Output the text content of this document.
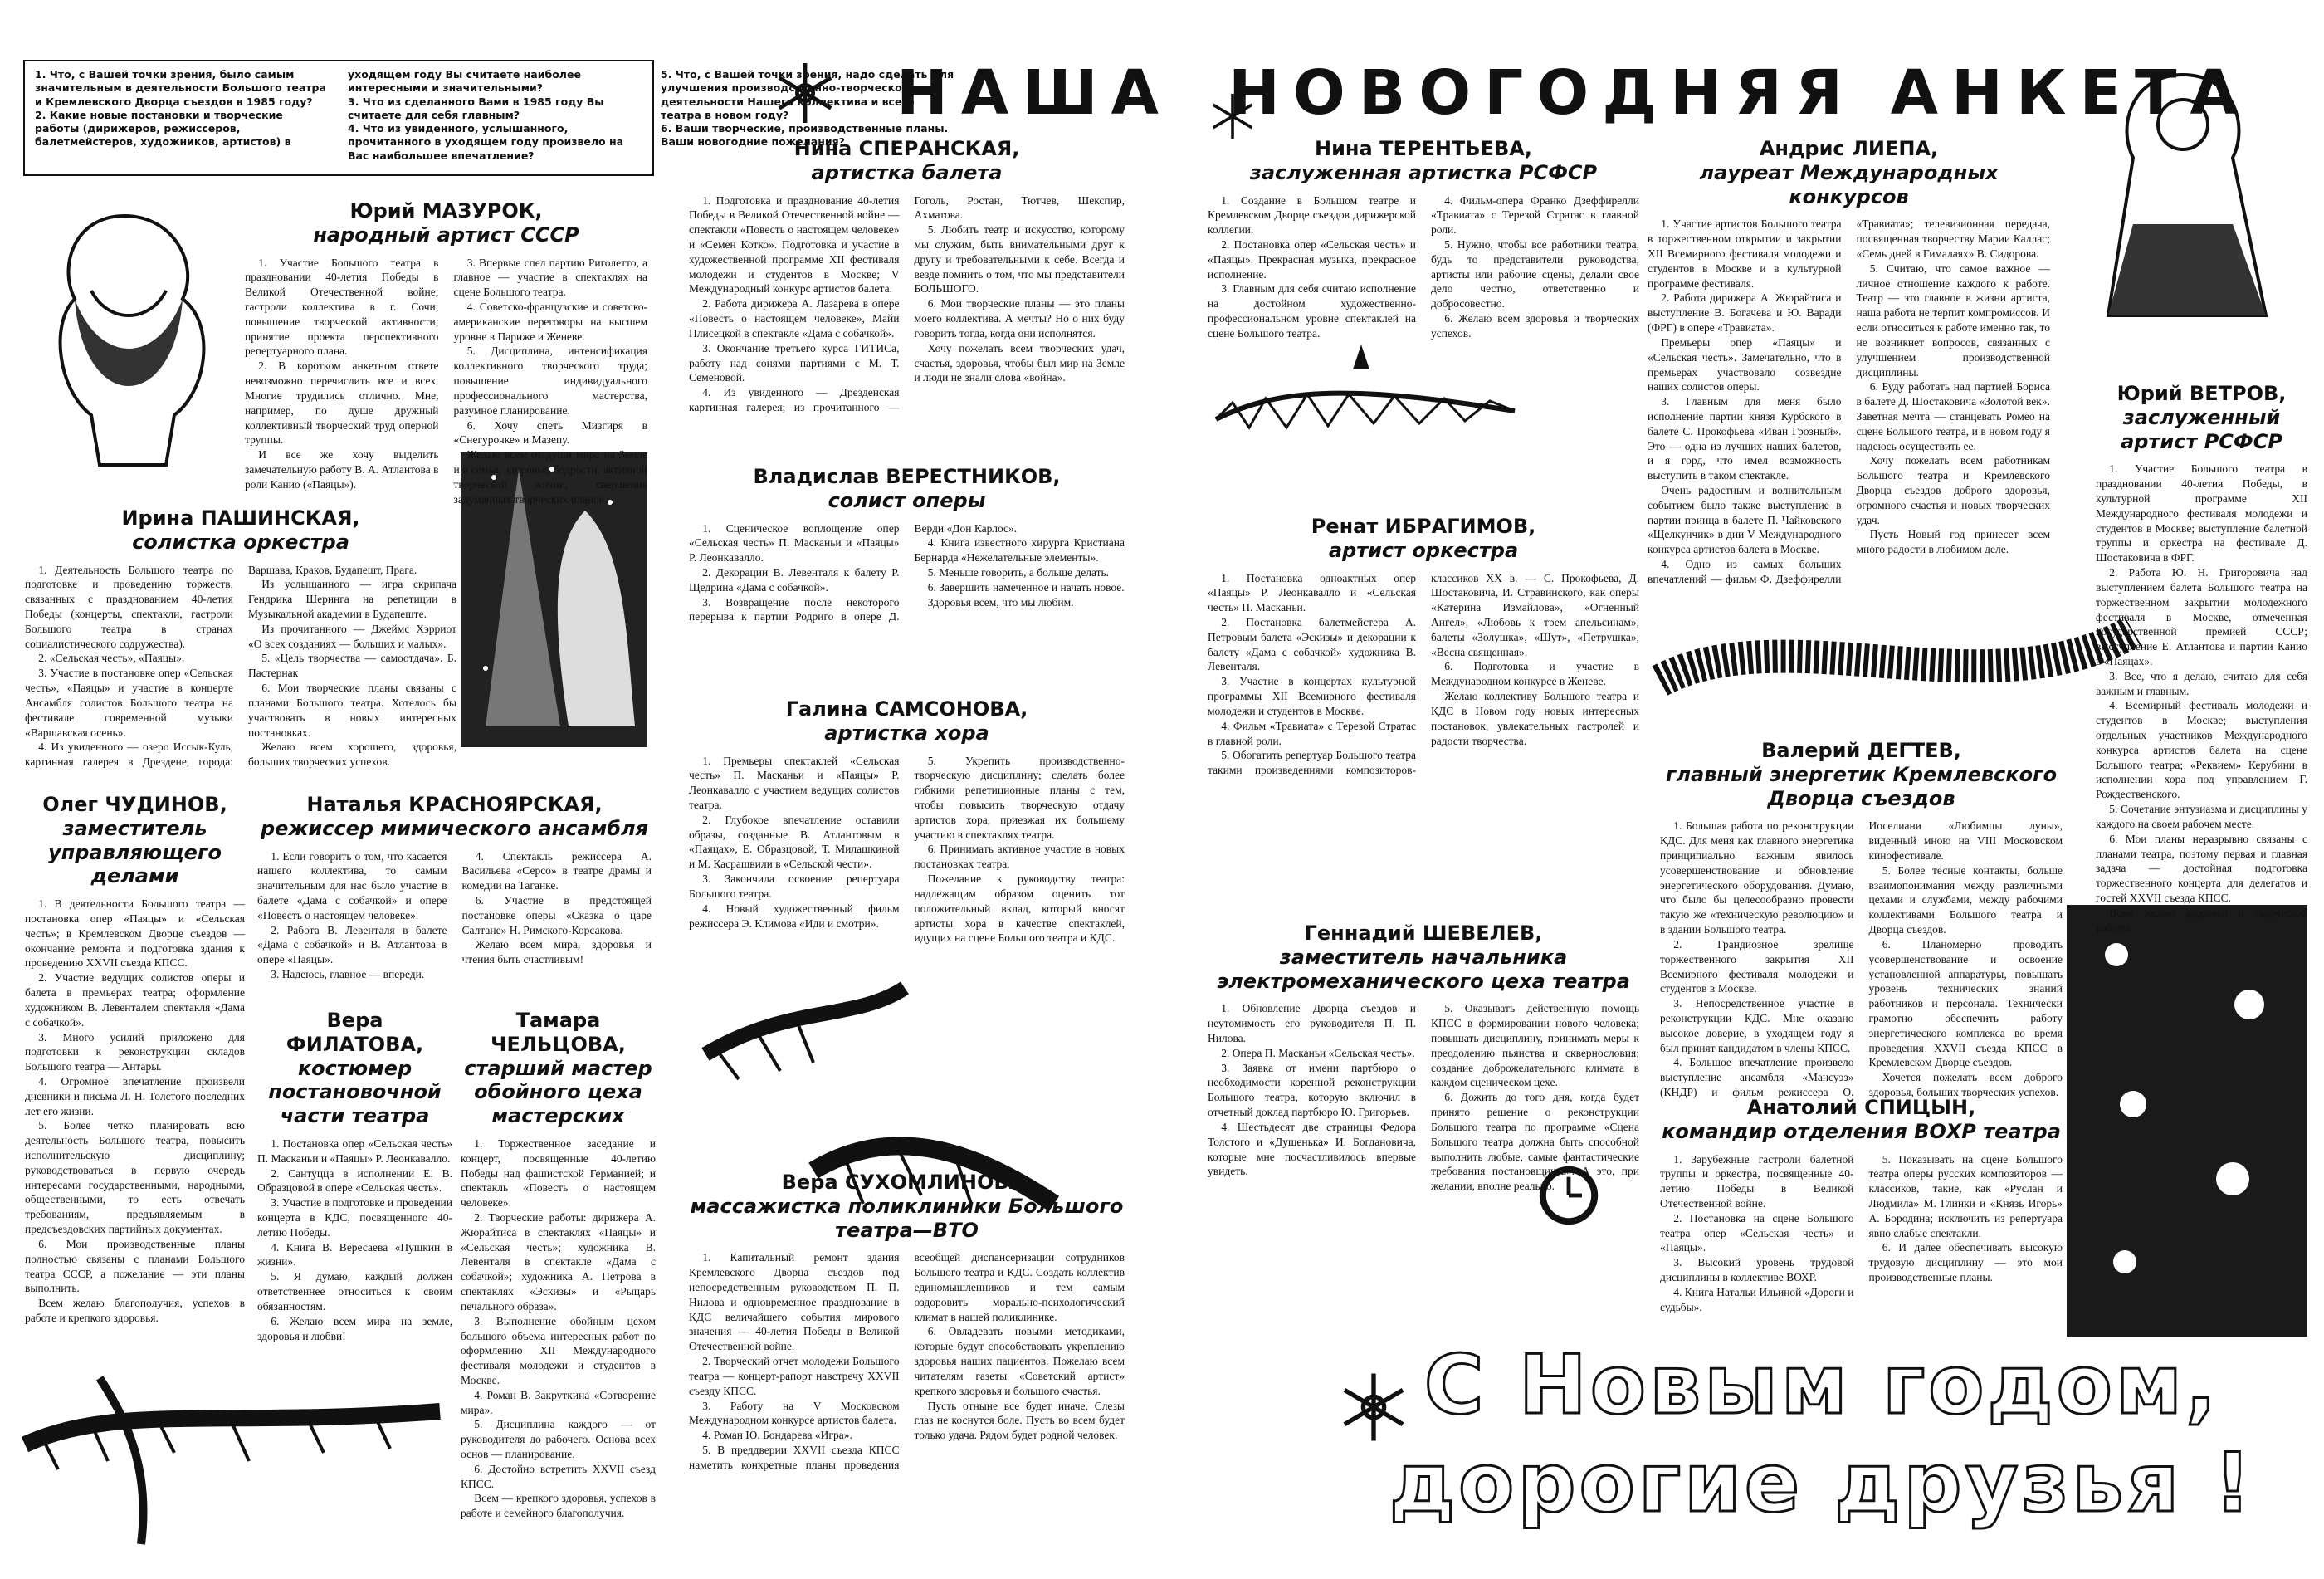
1. Что, с Вашей точки зрения, было самым значительным в деятельности Большого театра и Кремлевского Дворца съездов в 1985 году?

2. Какие новые постановки и творческие работы (дирижеров, режиссеров, балетмейстеров, художников, артистов) в уходящем году Вы считаете наиболее интересными и значительными?

3. Что из сделанного Вами в 1985 году Вы считаете для себя главным?

4. Что из увиденного, услышанного, прочитанного в уходящем году произвело на Вас наибольшее впечатление?

5. Что, с Вашей точки зрения, надо сделать для улучшения производственно-творческой деятельности Нашего коллектива и всего театра в новом году?

6. Ваши творческие, производственные планы. Ваши новогодние пожелания?

НАША НОВОГОДНЯЯ АНКЕТА
С Новым годом,
дорогие друзья !
Юрий МАЗУРОК,
народный артист СССР

1. Участие Большого театра в праздновании 40-летия Победы в Великой Отечественной войне; гастроли коллектива в г. Сочи; повышение творческой активности; принятие проекта перспективного репертуарного плана.

2. В коротком анкетном ответе невозможно перечислить все и всех. Многие трудились отлично. Мне, например, по душе дружный коллективный творческий труд оперной труппы.

И все же хочу выделить замечательную работу В. А. Атлантова в роли Канио («Паяцы»).

3. Впервые спел партию Риголетто, а главное — участие в спектаклях на сцене Большого театра.

4. Советско-французские и советско-американские переговоры на высшем уровне в Париже и Женеве.

5. Дисциплина, интенсификация коллективного творческого труда; повышение индивидуального профессионального мастерства, разумное планирование.

6. Хочу спеть Мизгиря в «Снегурочке» и Мазепу.

Желаю всем от души мира на Земле и в семье; здоровья, бодрости, активной творческой жизни, свершения задуманных творческих планов.

Ирина ПАШИНСКАЯ,
солистка оркестра

1. Деятельность Большого театра по подготовке и проведению торжеств, связанных с празднованием 40-летия Победы (концерты, спектакли, гастроли Большого театра в странах социалистического содружества).

2. «Сельская честь», «Паяцы».

3. Участие в постановке опер «Сельская честь», «Паяцы» и участие в концерте Ансамбля солистов Большого театра на фестивале современной музыки «Варшавская осень».

4. Из увиденного — озеро Иссык-Куль, картинная галерея в Дрездене, города: Варшава, Краков, Будапешт, Прага.

Из услышанного — игра скрипача Гендрика Шеринга на репетиции в Музыкальной академии в Будапеште.

Из прочитанного — Джеймс Хэрриот «О всех созданиях — больших и малых».

5. «Цель творчества — самоотдача». Б. Пастернак

6. Мои творческие планы связаны с планами Большого театра. Хотелось бы участвовать в новых интересных постановках.

Желаю всем хорошего, здоровья, больших творческих успехов.

Олег ЧУДИНОВ,
заместитель управляющего делами

1. В деятельности Большого театра — постановка опер «Паяцы» и «Сельская честь»; в Кремлевском Дворце съездов — окончание ремонта и подготовка здания к проведению XXVII съезда КПСС.

2. Участие ведущих солистов оперы и балета в премьерах театра; оформление художником В. Левенталем спектакля «Дама с собачкой».

3. Много усилий приложено для подготовки к реконструкции складов Большого театра — Антары.

4. Огромное впечатление произвели дневники и письма Л. Н. Толстого последних лет его жизни.

5. Более четко планировать всю деятельность Большого театра, повысить исполнительскую дисциплину; руководствоваться в первую очередь интересами государственными, народными, общественными, то есть отвечать требованиям, предъявляемым в предсъездовских партийных документах.

6. Мои производственные планы полностью связаны с планами Большого театра СССР, а пожелание — эти планы выполнить.

Всем желаю благополучия, успехов в работе и крепкого здоровья.

Наталья КРАСНОЯРСКАЯ,
режиссер мимического ансамбля

1. Если говорить о том, что касается нашего коллектива, то самым значительным для нас было участие в балете «Дама с собачкой» и опере «Повесть о настоящем человеке».

2. Работа В. Левенталя в балете «Дама с собачкой» и В. Атлантова в опере «Паяцы».

3. Надеюсь, главное — впереди.

4. Спектакль режиссера А. Васильева «Серсо» в театре драмы и комедии на Таганке.

6. Участие в предстоящей постановке оперы «Сказка о царе Салтане» Н. Римского-Корсакова.

Желаю всем мира, здоровья и чтения быть счастливым!

Вера ФИЛАТОВА,
костюмер постановочной части театра

1. Постановка опер «Сельская честь» П. Масканьи и «Паяцы» Р. Леонкавалло.

2. Сантуцца в исполнении Е. В. Образцовой в опере «Сельская честь».

3. Участие в подготовке и проведении концерта в КДС, посвященного 40-летию Победы.

4. Книга В. Вересаева «Пушкин в жизни».

5. Я думаю, каждый должен ответственнее относиться к своим обязанностям.

6. Желаю всем мира на земле, здоровья и любви!

Тамара ЧЕЛЬЦОВА,
старший мастер обойного цеха мастерских

1. Торжественное заседание и концерт, посвященные 40-летию Победы над фашистской Германией; и спектакль «Повесть о настоящем человеке».

2. Творческие работы: дирижера А. Жюрайтиса в спектаклях «Паяцы» и «Сельская честь»; художника В. Левенталя в спектакле «Дама с собачкой»; художника А. Петрова в спектаклях «Эскизы» и «Рыцарь печального образа».

3. Выполнение обойным цехом большого объема интересных работ по оформлению XII Международного фестиваля молодежи и студентов в Москве.

4. Роман В. Закруткина «Сотворение мира».

5. Дисциплина каждого — от руководителя до рабочего. Основа всех основ — планирование.

6. Достойно встретить XXVII съезд КПСС.

Всем — крепкого здоровья, успехов в работе и семейного благополучия.

Нина СПЕРАНСКАЯ,
артистка балета

1. Подготовка и празднование 40-летия Победы в Великой Отечественной войне — спектакли «Повесть о настоящем человеке» и «Семен Котко». Подготовка и участие в художественной программе XII фестиваля молодежи и студентов в Москве; V Международный конкурс артистов балета.

2. Работа дирижера А. Лазарева в опере «Повесть о настоящем человеке», Майи Плисецкой в спектакле «Дама с собачкой».

3. Окончание третьего курса ГИТИСа, работу над сонями партиями с М. Т. Семеновой.

4. Из увиденного — Дрезденская картинная галерея; из прочитанного — Гоголь, Ростан, Тютчев, Шекспир, Ахматова.

5. Любить театр и искусство, которому мы служим, быть внимательными друг к другу и требовательными к себе. Всегда и везде помнить о том, что мы представители БОЛЬШОГО.

6. Мои творческие планы — это планы моего коллектива. А мечты? Но о них буду говорить тогда, когда они исполнятся.

Хочу пожелать всем творческих удач, счастья, здоровья, чтобы был мир на Земле и люди не знали слова «война».

Владислав ВЕРЕСТНИКОВ,
солист оперы

1. Сценическое воплощение опер «Сельская честь» П. Масканьи и «Паяцы» Р. Леонкавалло.

2. Декорации В. Левенталя к балету Р. Щедрина «Дама с собачкой».

3. Возвращение после некоторого перерыва к партии Родриго в опере Д. Верди «Дон Карлос».

4. Книга известного хирурга Кристиана Бернарда «Нежелательные элементы».

5. Меньше говорить, а больше делать.

6. Завершить намеченное и начать новое.

Здоровья всем, что мы любим.

Галина САМСОНОВА,
артистка хора

1. Премьеры спектаклей «Сельская честь» П. Масканьи и «Паяцы» Р. Леонкавалло с участием ведущих солистов театра.

2. Глубокое впечатление оставили образы, созданные В. Атлантовым в «Паяцах», Е. Образцовой, Т. Милашкиной и М. Касрашвили в «Сельской чести».

3. Закончила освоение репертуара Большого театра.

4. Новый художественный фильм режиссера Э. Климова «Иди и смотри».

5. Укрепить производственно-творческую дисциплину; сделать более гибкими репетиционные планы с тем, чтобы повысить творческую отдачу артистов хора, приезжая их большему участию в спектаклях театра.

6. Принимать активное участие в новых постановках театра.

Пожелание к руководству театра: надлежащим образом оценить тот положительный вклад, который вносят артисты хора в качестве спектаклей, идущих на сцене Большого театра и КДС.

Вера СУХОМЛИНОВА,
массажистка поликлиники Большого театра—ВТО

1. Капитальный ремонт здания Кремлевского Дворца съездов под непосредственным руководством П. П. Нилова и одновременное празднование в КДС величайшего события мирового значения — 40-летия Победы в Великой Отечественной войне.

2. Творческий отчет молодежи Большого театра — концерт-рапорт навстречу XXVII съезду КПСС.

3. Работу на V Московском Международном конкурсе артистов балета.

4. Роман Ю. Бондарева «Игра».

5. В преддверии XXVII съезда КПСС наметить конкретные планы проведения всеобщей диспансеризации сотрудников Большого театра и КДС. Создать коллектив единомышленников и тем самым оздоровить морально-психологический климат в нашей поликлинике.

6. Овладевать новыми методиками, которые будут способствовать укреплению здоровья наших пациентов. Пожелаю всем читателям газеты «Советский артист» крепкого здоровья и большого счастья.

Пусть отныне все будет иначе, Слезы глаз не коснутся боле. Пусть во всем будет только удача. Рядом будет родной человек.

Нина ТЕРЕНТЬЕВА,
заслуженная артистка РСФСР

1. Создание в Большом театре и Кремлевском Дворце съездов дирижерской коллегии.

2. Постановка опер «Сельская честь» и «Паяцы». Прекрасная музыка, прекрасное исполнение.

3. Главным для себя считаю исполнение на достойном художественно-профессиональном уровне спектаклей на сцене Большого театра.

4. Фильм-опера Франко Дзеффирелли «Травиата» с Терезой Стратас в главной роли.

5. Нужно, чтобы все работники театра, будь то представители руководства, артисты или рабочие сцены, делали свое дело честно, ответственно и добросовестно.

6. Желаю всем здоровья и творческих успехов.

Ренат ИБРАГИМОВ,
артист оркестра

1. Постановка одноактных опер «Паяцы» Р. Леонкавалло и «Сельская честь» П. Масканьи.

2. Постановка балетмейстера А. Петровым балета «Эскизы» и декорации к балету «Дама с собачкой» художника В. Левенталя.

3. Участие в концертах культурной программы XII Всемирного фестиваля молодежи и студентов в Москве.

4. Фильм «Травиата» с Терезой Стратас в главной роли.

5. Обогатить репертуар Большого театра такими произведениями композиторов-классиков XX в. — С. Прокофьева, Д. Шостаковича, И. Стравинского, как оперы «Катерина Измайлова», «Огненный Ангел», «Любовь к трем апельсинам», балеты «Золушка», «Шут», «Петрушка», «Весна священная».

6. Подготовка и участие в Международном конкурсе в Женеве.

Желаю коллективу Большого театра и КДС в Новом году новых интересных постановок, увлекательных гастролей и радости творчества.

Геннадий ШЕВЕЛЕВ,
заместитель начальника электромеханического цеха театра

1. Обновление Дворца съездов и неутомимость его руководителя П. П. Нилова.

2. Опера П. Масканьи «Сельская честь».

3. Заявка от имени партбюро о необходимости коренной реконструкции Большого театра, которую включил в отчетный доклад партбюро Ю. Григорьев.

4. Шестьдесят две страницы Федора Толстого и «Душенька» И. Богдановича, которые мне посчастливилось впервые увидеть.

5. Оказывать действенную помощь КПСС в формировании нового человека; повышать дисциплину, принимать меры к преодолению пьянства и сквернословия; создание доброжелательного климата в каждом сценическом цехе.

6. Дожить до того дня, когда будет принято решение о реконструкции Большого театра по программе «Сцена Большого театра должна быть способной выполнить любые, самые фантастические требования постановщиков». А это, при желании, вполне реально.

Андрис ЛИЕПА,
лауреат Международных конкурсов

1. Участие артистов Большого театра в торжественном открытии и закрытии XII Всемирного фестиваля молодежи и студентов в Москве и в культурной программе фестиваля.

2. Работа дирижера А. Жюрайтиса и выступление В. Богачева и Ю. Варади (ФРГ) в опере «Травиата».

Премьеры опер «Паяцы» и «Сельская честь». Замечательно, что в премьерах участвовало созвездие наших солистов оперы.

3. Главным для меня было исполнение партии князя Курбского в балете С. Прокофьева «Иван Грозный». Это — одна из лучших наших балетов, и я горд, что имел возможность выступить в таком спектакле.

Очень радостным и волнительным событием было также выступление в партии принца в балете П. Чайковского «Щелкунчик» в дни V Международного конкурса артистов балета в Москве.

4. Одно из самых больших впечатлений — фильм Ф. Дзеффирелли «Травиата»; телевизионная передача, посвященная творчеству Марии Каллас; «Семь дней в Гималаях» В. Сидорова.

5. Считаю, что самое важное — личное отношение каждого к работе. Театр — это главное в жизни артиста, наша работа не терпит компромиссов. И если относиться к работе именно так, то не возникнет вопросов, связанных с улучшением производственной дисциплины.

6. Буду работать над партией Бориса в балете Д. Шостаковича «Золотой век». Заветная мечта — станцевать Ромео на сцене Большого театра, и в новом году я надеюсь осуществить ее.

Хочу пожелать всем работникам Большого театра и Кремлевского Дворца съездов доброго здоровья, огромного счастья и новых творческих удач.

Пусть Новый год принесет всем много радости в любимом деле.

Юрий ВЕТРОВ,
заслуженный артист РСФСР

1. Участие Большого театра в праздновании 40-летия Победы, в культурной программе XII Международного фестиваля молодежи и студентов в Москве; выступление балетной труппы и оркестра на фестивале Д. Шостаковича в ФРГ.

2. Работа Ю. Н. Григоровича над выступлением балета Большого театра на торжественном закрытии молодежного фестиваля в Москве, отмеченная Государственной премией СССР; выступление Е. Атлантова и партии Канио в «Паяцах».

3. Все, что я делаю, считаю для себя важным и главным.

4. Всемирный фестиваль молодежи и студентов в Москве; выступления отдельных участников Международного конкурса артистов балета на сцене Большого театра; «Реквием» Керубини в исполнении хора под управлением Г. Рождественского.

5. Сочетание энтузиазма и дисциплины у каждого на своем рабочем месте.

6. Мои планы неразрывно связаны с планами театра, поэтому первая и главная задача — достойная подготовка торжественного концерта для делегатов и гостей XXVII съезда КПСС.

Всем желаю здоровья и творческой работы.

Валерий ДЕГТЕВ,
главный энергетик Кремлевского Дворца съездов

1. Большая работа по реконструкции КДС. Для меня как главного энергетика принципиально важным явилось усовершенствование и обновление энергетического оборудования. Думаю, что было бы целесообразно провести такую же «техническую революцию» и в здании Большого театра.

2. Грандиозное зрелище торжественного закрытия XII Всемирного фестиваля молодежи и студентов в Москве.

3. Непосредственное участие в реконструкции КДС. Мне оказано высокое доверие, в уходящем году я был принят кандидатом в члены КПСС.

4. Большое впечатление произвело выступление ансамбля «Мансуэз» (КНДР) и фильм режиссера О. Иоселиани «Любимцы луны», виденный мною на VIII Московском кинофестивале.

5. Более тесные контакты, больше взаимопонимания между различными цехами и службами, между рабочими коллективами Большого театра и Дворца съездов.

6. Планомерно проводить усовершенствование и освоение установленной аппаратуры, повышать уровень технических знаний работников и персонала. Технически грамотно обеспечить работу энергетического комплекса во время проведения XXVII съезда КПСС в Кремлевском Дворце съездов.

Хочется пожелать всем доброго здоровья, больших творческих успехов.

Анатолий СПИЦЫН,
командир отделения ВОХР театра

1. Зарубежные гастроли балетной труппы и оркестра, посвященные 40-летию Победы в Великой Отечественной войне.

2. Постановка на сцене Большого театра опер «Сельская честь» и «Паяцы».

3. Высокий уровень трудовой дисциплины в коллективе ВОХР.

4. Книга Натальи Ильиной «Дороги и судьбы».

5. Показывать на сцене Большого театра оперы русских композиторов — классиков, такие, как «Руслан и Людмила» М. Глинки и «Князь Игорь» А. Бородина; исключить из репертуара явно слабые спектакли.

6. И далее обеспечивать высокую трудовую дисциплину — это мои производственные планы.
